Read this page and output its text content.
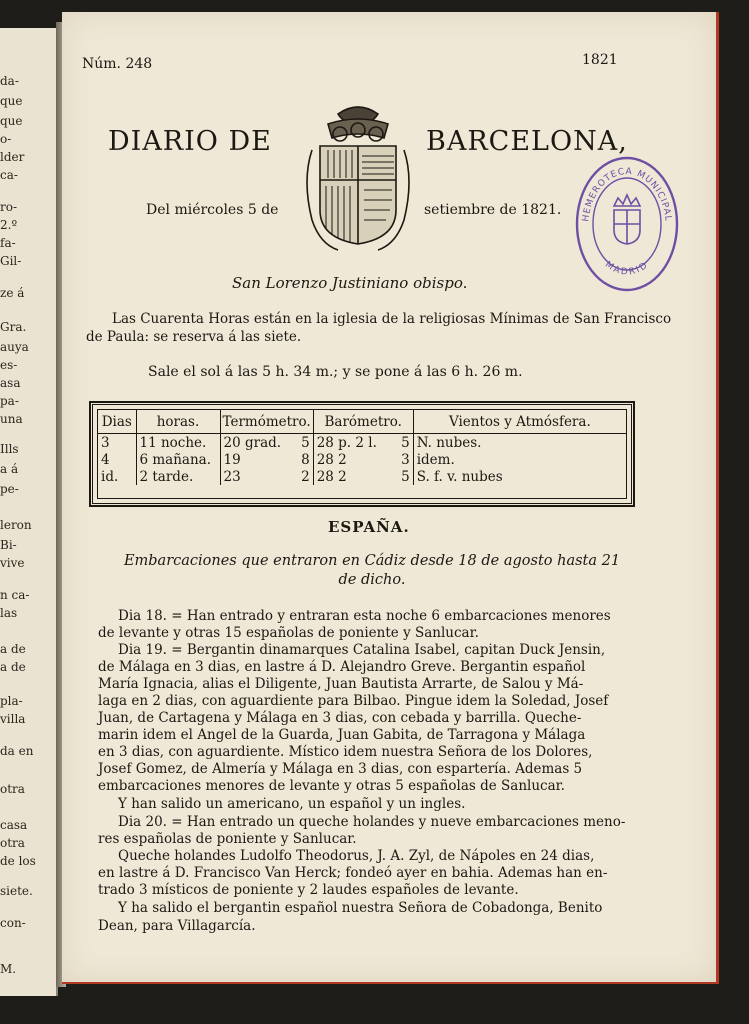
da-
que
que
o-
lder
ca-
ro-
2.º
fa-
Gil-
ze á
Gra.
auya
es-
asa
pa-
una
Ills
a á
pe-
leron
Bi-
vive
n ca-
las
a de
a de
pla-
villa
da en
otra
casa
otra
de los
siete.
con-
M.
Núm. 248	1821
DIARIO DE	BARCELONA,
Del miércoles 5 de	setiembre de 1821. HEMEROTECA MUNICIPAL
MADRID
San Lorenzo Justiniano obispo.
Las Cuarenta Horas están en la iglesia de la religiosas Mínimas de San Francisco de Paula: se reserva á las siete.
Sale el sol á las 5 h. 34 m.; y se pone á las 6 h. 26 m.
Dias	horas.	Termómetro.	Barómetro.	Vientos y Atmósfera.
3	11 noche.	20 grad. 5	28 p. 2 l. 5	N. nubes.
4	6 mañana.	19 8	28 2 3	idem.
id.	2 tarde.	23 2	28 2 5	S. f. v. nubes
ESPAÑA.
Embarcaciones que entraron en Cádiz desde 18 de agosto hasta 21 de dicho.
Dia 18. = Han entrado y entraran esta noche 6 embarcaciones menores
de levante y otras 15 españolas de poniente y Sanlucar.
Dia 19. = Bergantin dinamarques Catalina Isabel, capitan Duck Jensin,
de Málaga en 3 dias, en lastre á D. Alejandro Greve. Bergantin español
María Ignacia, alias el Diligente, Juan Bautista Arrarte, de Salou y Má-
laga en 2 dias, con aguardiente para Bilbao. Pingue idem la Soledad, Josef
Juan, de Cartagena y Málaga en 3 dias, con cebada y barrilla. Queche-
marin idem el Angel de la Guarda, Juan Gabita, de Tarragona y Málaga
en 3 dias, con aguardiente. Místico idem nuestra Señora de los Dolores,
Josef Gomez, de Almería y Málaga en 3 dias, con espartería. Ademas 5
embarcaciones menores de levante y otras 5 españolas de Sanlucar.
Y han salido un americano, un español y un ingles.
Dia 20. = Han entrado un queche holandes y nueve embarcaciones meno-
res españolas de poniente y Sanlucar.
Queche holandes Ludolfo Theodorus, J. A. Zyl, de Nápoles en 24 dias,
en lastre á D. Francisco Van Herck; fondeó ayer en bahia. Ademas han en-
trado 3 místicos de poniente y 2 laudes españoles de levante.
Y ha salido el bergantin español nuestra Señora de Cobadonga, Benito
Dean, para Villagarcía.
